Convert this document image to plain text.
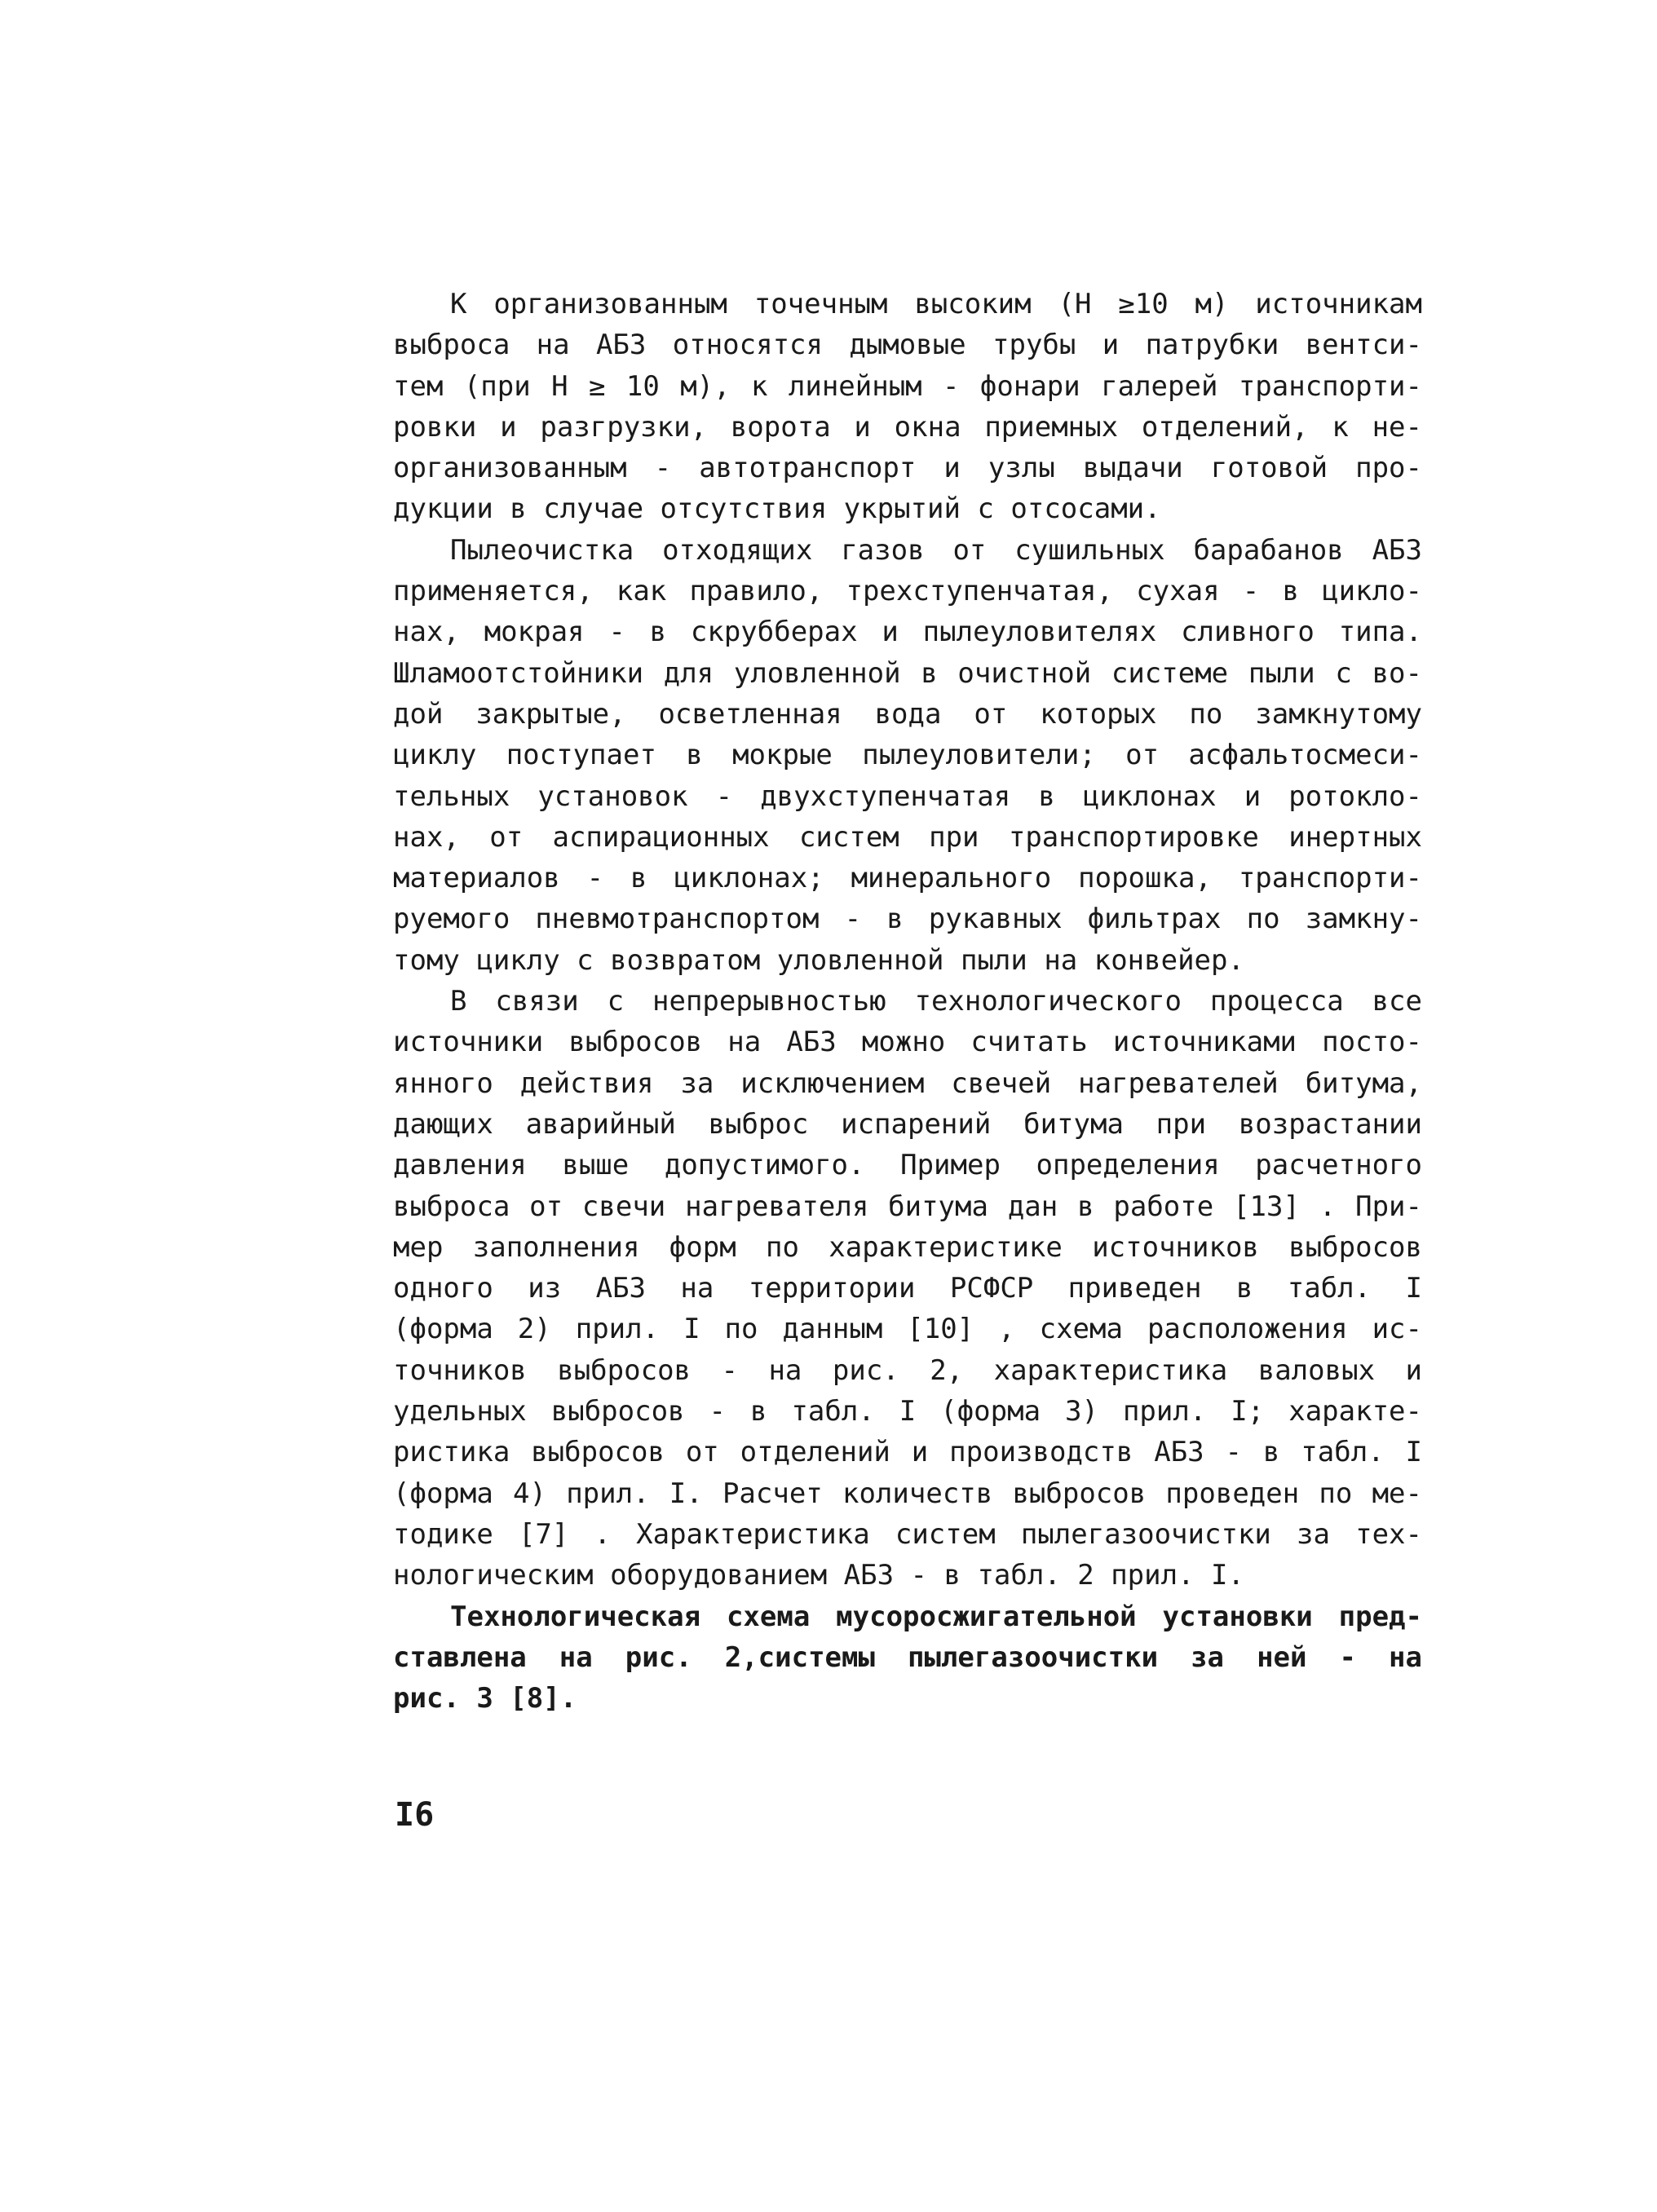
К организованным точечным высоким (Н ≥10 м) источникам
выброса на АБЗ относятся дымовые трубы и патрубки вентси-
тем (при Н ≥ 10 м), к линейным - фонари галерей транспорти-
ровки и разгрузки, ворота и окна приемных отделений, к не-
организованным - автотранспорт и узлы выдачи готовой про-
дукции в случае отсутствия укрытий с отсосами.
Пылеочистка отходящих газов от сушильных барабанов АБЗ
применяется, как правило, трехступенчатая, сухая - в цикло-
нах, мокрая - в скрубберах и пылеуловителях сливного типа.
Шламоотстойники для уловленной в очистной системе пыли с во-
дой закрытые, осветленная вода от которых по замкнутому
циклу поступает в мокрые пылеуловители; от асфальтосмеси-
тельных установок - двухступенчатая в циклонах и ротокло-
нах, от аспирационных систем при транспортировке инертных
материалов - в циклонах; минерального порошка, транспорти-
руемого пневмотранспортом - в рукавных фильтрах по замкну-
тому циклу с возвратом уловленной пыли на конвейер.
В связи с непрерывностью технологического процесса все
источники выбросов на АБЗ можно считать источниками посто-
янного действия за исключением свечей нагревателей битума,
дающих аварийный выброс испарений битума при возрастании
давления выше допустимого. Пример определения расчетного
выброса от свечи нагревателя битума дан в работе [13] . При-
мер заполнения форм по характеристике источников выбросов
одного из АБЗ на территории РСФСР приведен в табл. I
(форма 2) прил. I по данным [10] , схема расположения ис-
точников выбросов - на рис. 2, характеристика валовых и
удельных выбросов - в табл. I (форма 3) прил. I; характе-
ристика выбросов от отделений и производств АБЗ - в табл. I
(форма 4) прил. I. Расчет количеств выбросов проведен по ме-
тодике [7] . Характеристика систем пылегазоочистки за тех-
нологическим оборудованием АБЗ - в табл. 2 прил. I.
Технологическая схема мусоросжигательной установки пред-
ставлена на рис. 2,системы пылегазоочистки за ней - на
рис. 3 [8].
I6
